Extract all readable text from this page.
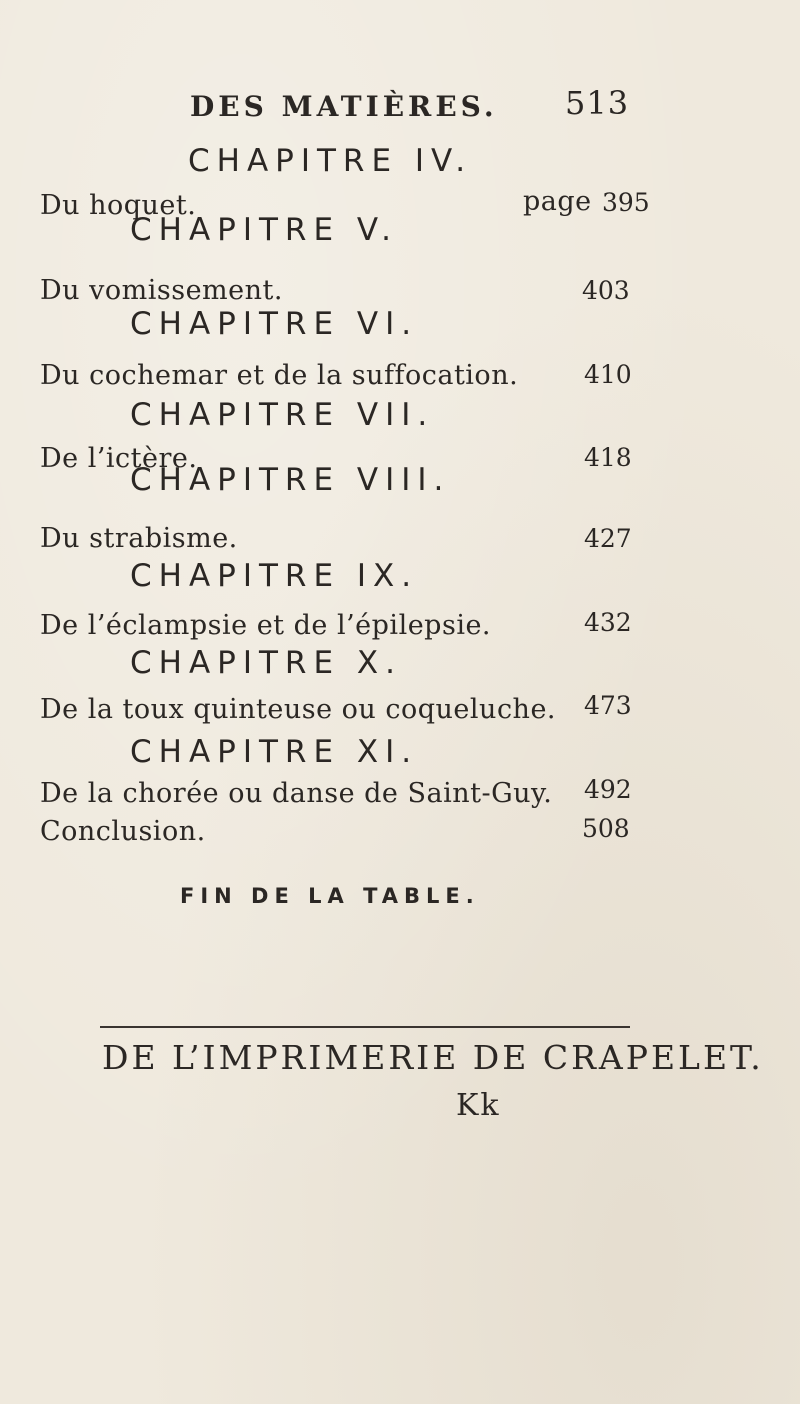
DES MATIÈRES. 513
CHAPITRE IV.
Du hoquet.	page 395
CHAPITRE V.
Du vomissement.	403
CHAPITRE VI.
Du cochemar et de la suffocation.	410
CHAPITRE VII.
De l’ictère.	418
CHAPITRE VIII.
Du strabisme.	427
CHAPITRE IX.
De l’éclampsie et de l’épilepsie.	432
CHAPITRE X.
De la toux quinteuse ou coqueluche. 473
CHAPITRE XI.
De la chorée ou danse de Saint-Guy. 492
Conclusion.	508
FIN DE LA TABLE.
DE L’IMPRIMERIE DE CRAPELET.
Kk
